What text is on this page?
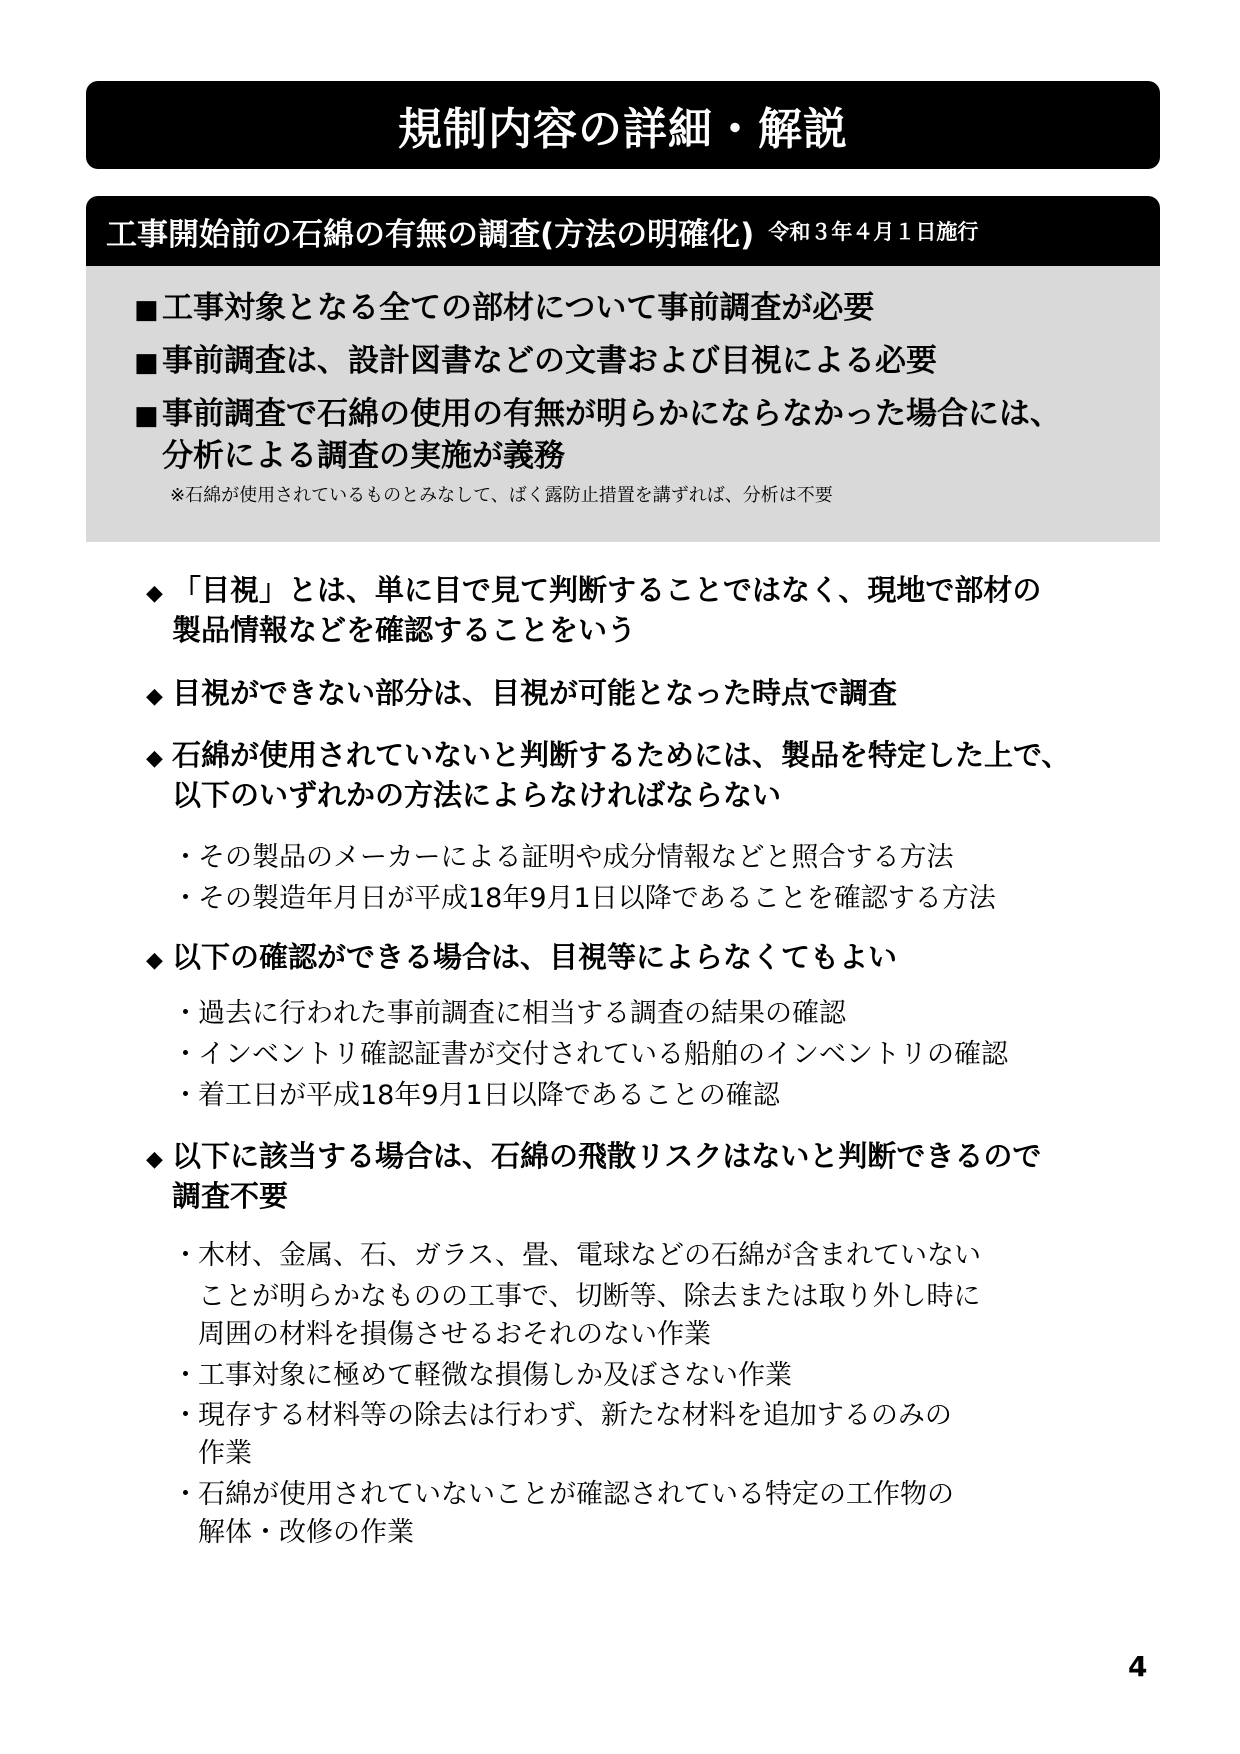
規制内容の詳細・解説
工事開始前の石綿の有無の調査(方法の明確化) 令和３年４月１日施行
■ 工事対象となる全ての部材について事前調査が必要
■ 事前調査は、設計図書などの文書および目視による必要
■ 事前調査で石綿の使用の有無が明らかにならなかった場合には、
分析による調査の実施が義務
※石綿が使用されているものとみなして、ばく露防止措置を講ずれば、分析は不要
◆ 「目視」とは、単に目で見て判断することではなく、現地で部材の
製品情報などを確認することをいう
◆ 目視ができない部分は、目視が可能となった時点で調査
◆ 石綿が使用されていないと判断するためには、製品を特定した上で、
以下のいずれかの方法によらなければならない
・その製品のメーカーによる証明や成分情報などと照合する方法
・その製造年月日が平成18年9月1日以降であることを確認する方法
◆ 以下の確認ができる場合は、目視等によらなくてもよい
・過去に行われた事前調査に相当する調査の結果の確認
・インベントリ確認証書が交付されている船舶のインベントリの確認
・着工日が平成18年9月1日以降であることの確認
◆ 以下に該当する場合は、石綿の飛散リスクはないと判断できるので
調査不要
・木材、金属、石、ガラス、畳、電球などの石綿が含まれていない
ことが明らかなものの工事で、切断等、除去または取り外し時に
周囲の材料を損傷させるおそれのない作業
・工事対象に極めて軽微な損傷しか及ぼさない作業
・現存する材料等の除去は行わず、新たな材料を追加するのみの
作業
・石綿が使用されていないことが確認されている特定の工作物の
解体・改修の作業
4
